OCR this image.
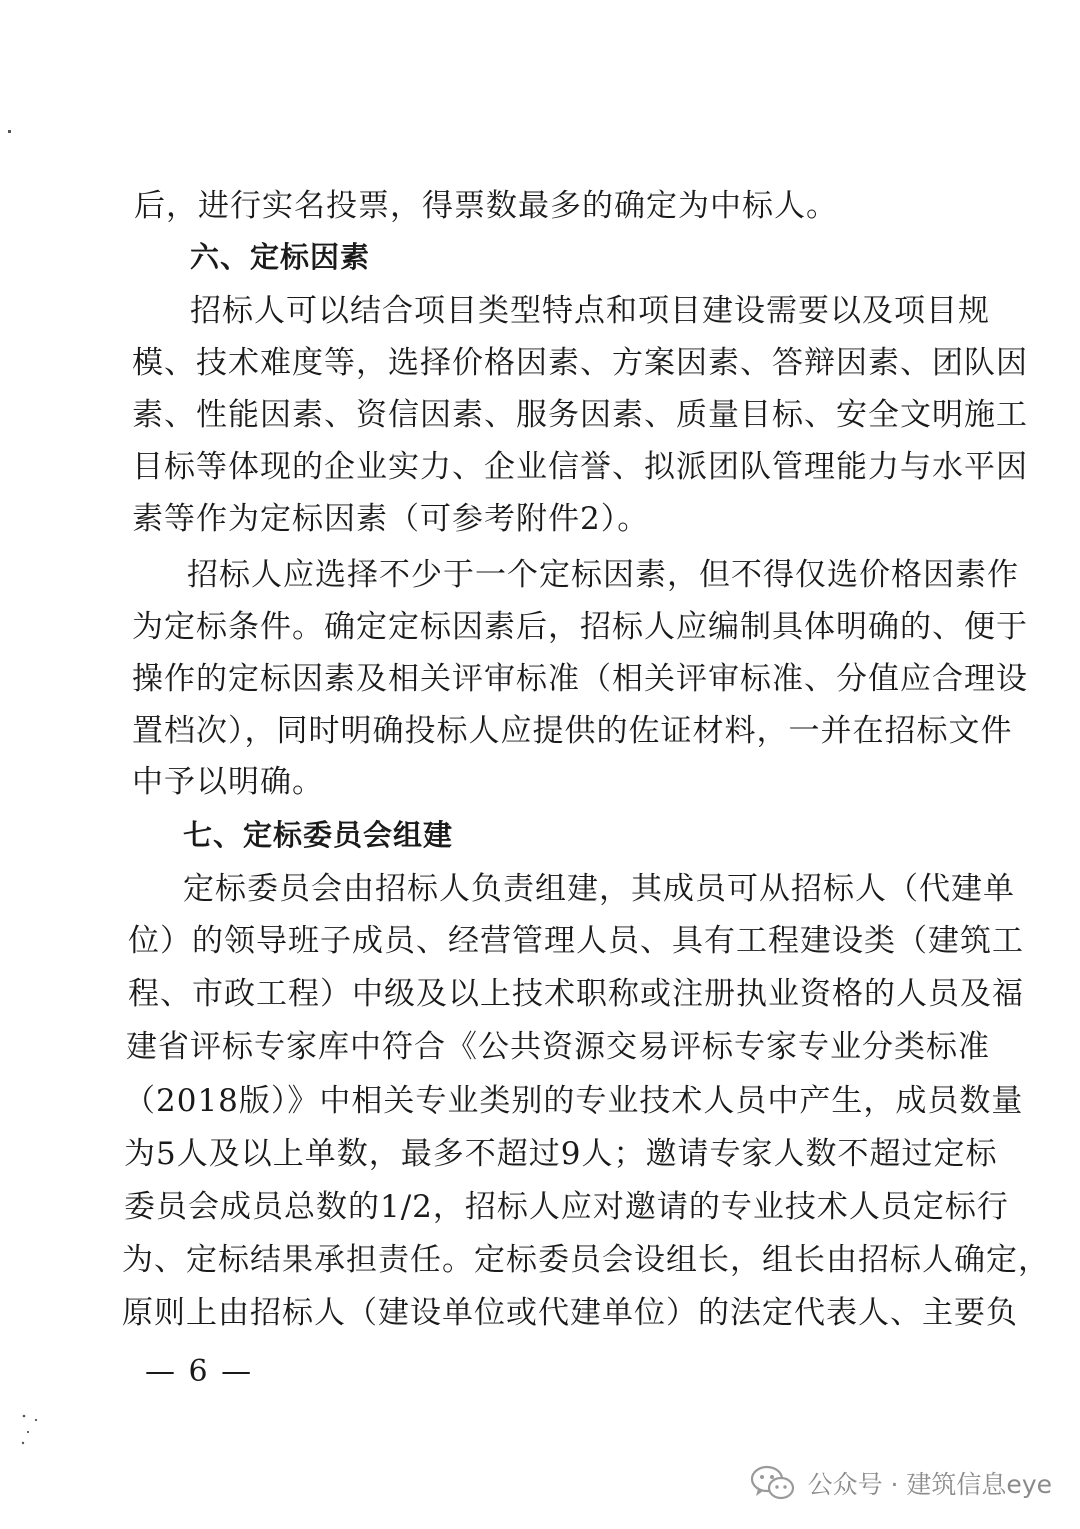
后，进行实名投票，得票数最多的确定为中标人。
六、定标因素
招标人可以结合项目类型特点和项目建设需要以及项目规
模、技术难度等，选择价格因素、方案因素、答辩因素、团队因
素、性能因素、资信因素、服务因素、质量目标、安全文明施工
目标等体现的企业实力、企业信誉、拟派团队管理能力与水平因
素等作为定标因素（可参考附件2）。
招标人应选择不少于一个定标因素，但不得仅选价格因素作
为定标条件。确定定标因素后，招标人应编制具体明确的、便于
操作的定标因素及相关评审标准（相关评审标准、分值应合理设
置档次），同时明确投标人应提供的佐证材料，一并在招标文件
中予以明确。
七、定标委员会组建
定标委员会由招标人负责组建，其成员可从招标人（代建单
位）的领导班子成员、经营管理人员、具有工程建设类（建筑工
程、市政工程）中级及以上技术职称或注册执业资格的人员及福
建省评标专家库中符合《公共资源交易评标专家专业分类标准
（2018版）》中相关专业类别的专业技术人员中产生，成员数量
为5人及以上单数，最多不超过9人；邀请专家人数不超过定标
委员会成员总数的1/2，招标人应对邀请的专业技术人员定标行
为、定标结果承担责任。定标委员会设组长，组长由招标人确定，
原则上由招标人（建设单位或代建单位）的法定代表人、主要负
— 6 —
公众号 · 建筑信息eye
